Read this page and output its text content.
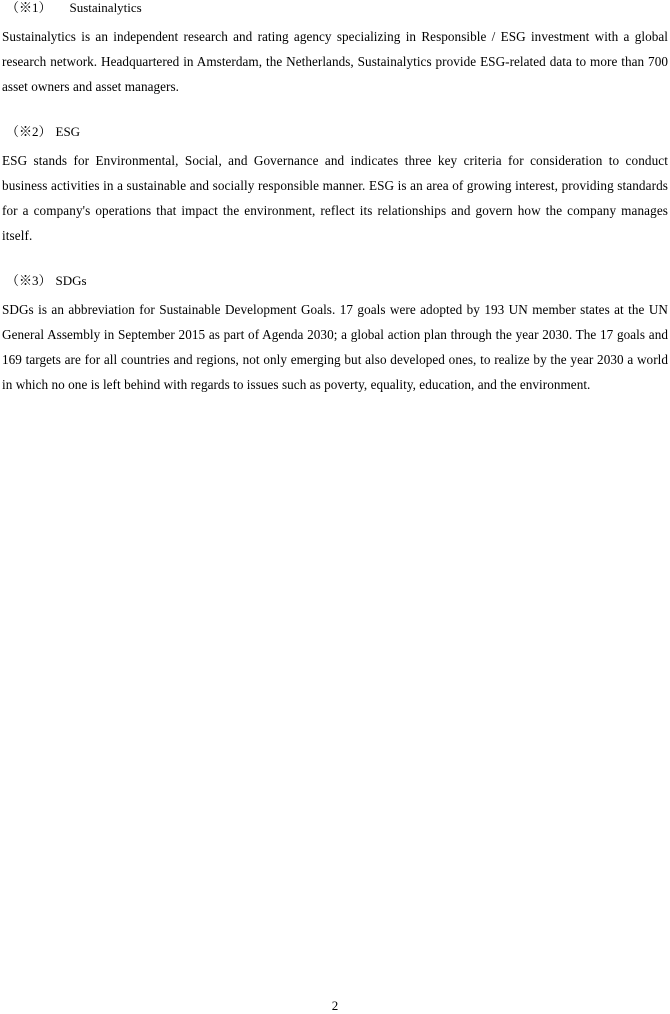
（※1） Sustainalytics

Sustainalytics is an independent research and rating agency specializing in Responsible / ESG investment with a global research network. Headquartered in Amsterdam, the Netherlands, Sustainalytics provide ESG-related data to more than 700 asset owners and asset managers.

（※2） ESG

ESG stands for Environmental, Social, and Governance and indicates three key criteria for consideration to conduct business activities in a sustainable and socially responsible manner. ESG is an area of growing interest, providing standards for a company's operations that impact the environment, reflect its relationships and govern how the company manages itself.

（※3） SDGs

SDGs is an abbreviation for Sustainable Development Goals. 17 goals were adopted by 193 UN member states at the UN General Assembly in September 2015 as part of Agenda 2030; a global action plan through the year 2030. The 17 goals and 169 targets are for all countries and regions, not only emerging but also developed ones, to realize by the year 2030 a world in which no one is left behind with regards to issues such as poverty, equality, education, and the environment.

2
